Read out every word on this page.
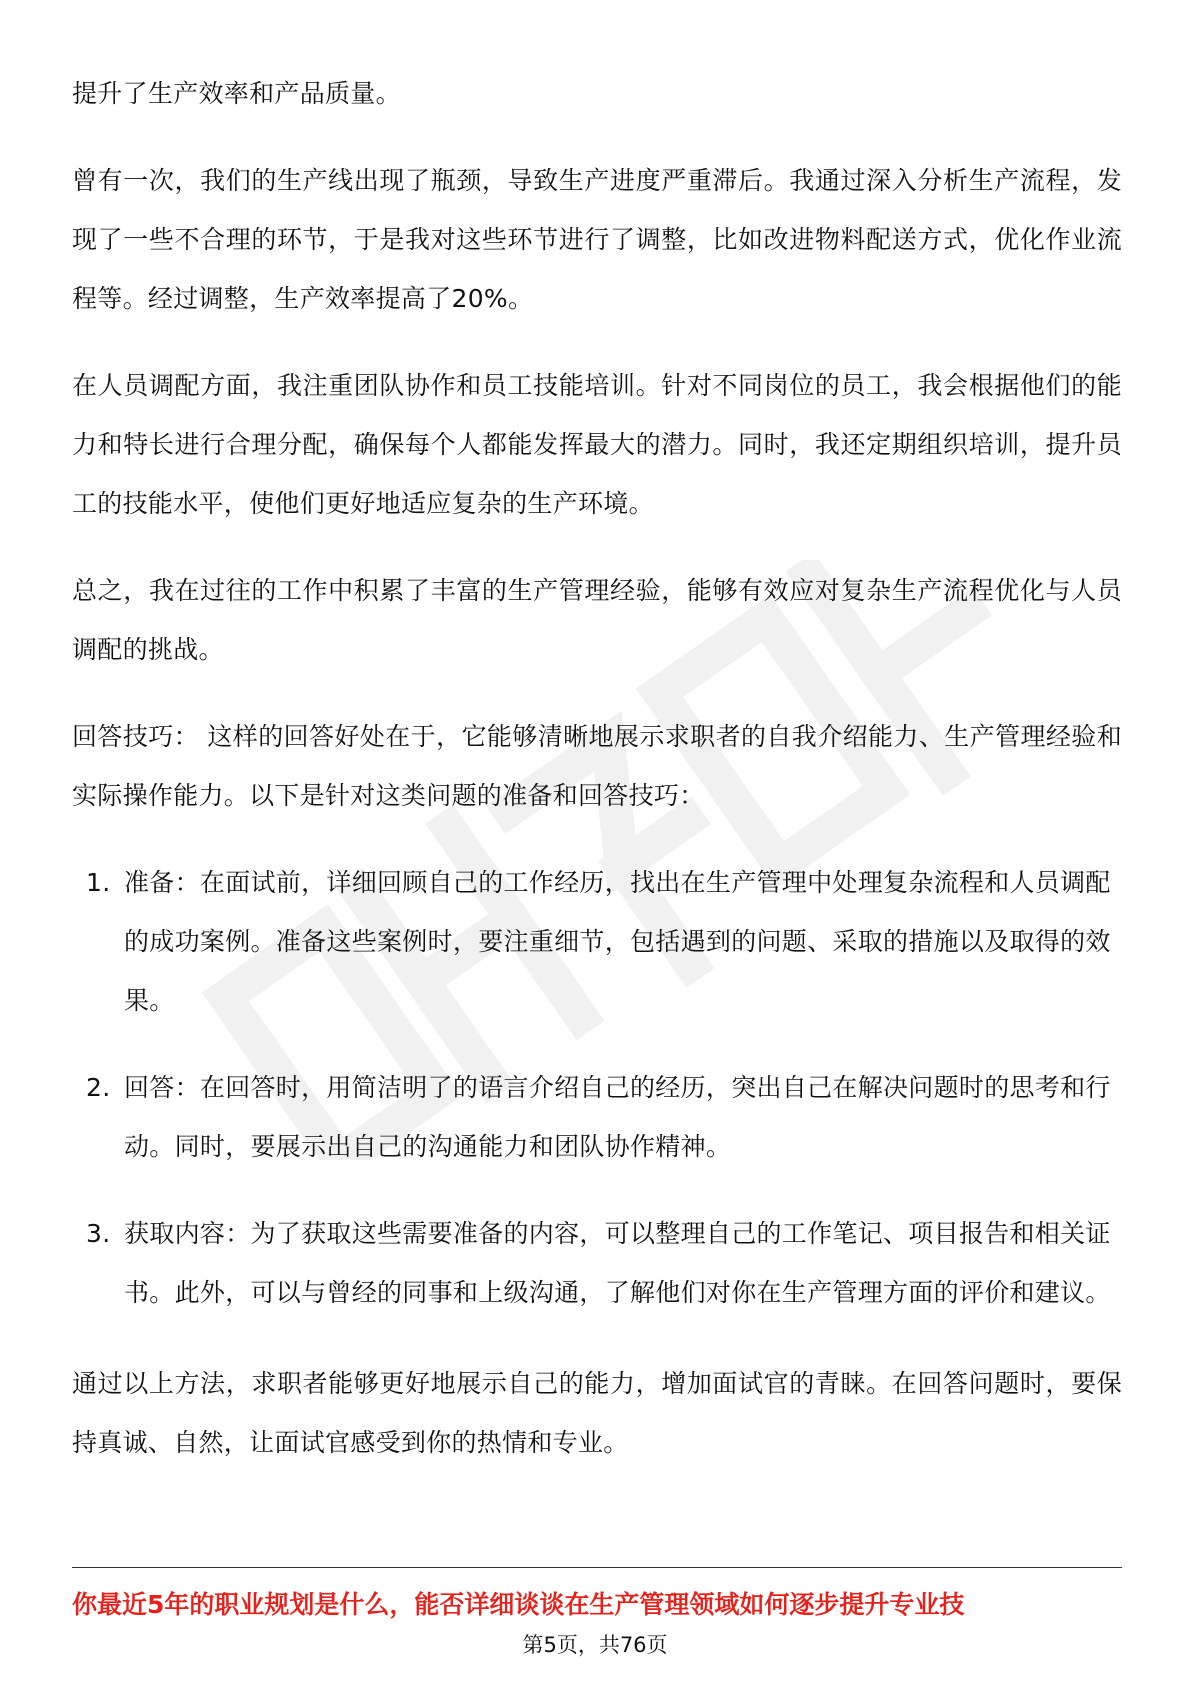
提升了生产效率和产品质量。

曾有一次，我们的生产线出现了瓶颈，导致生产进度严重滞后。我通过深入分析生产流程，发现了一些不合理的环节，于是我对这些环节进行了调整，比如改进物料配送方式，优化作业流程等。经过调整，生产效率提高了20%。

在人员调配方面，我注重团队协作和员工技能培训。针对不同岗位的员工，我会根据他们的能力和特长进行合理分配，确保每个人都能发挥最大的潜力。同时，我还定期组织培训，提升员工的技能水平，使他们更好地适应复杂的生产环境。

总之，我在过往的工作中积累了丰富的生产管理经验，能够有效应对复杂生产流程优化与人员调配的挑战。

回答技巧： 这样的回答好处在于，它能够清晰地展示求职者的自我介绍能力、生产管理经验和实际操作能力。以下是针对这类问题的准备和回答技巧：

1. 准备：在面试前，详细回顾自己的工作经历，找出在生产管理中处理复杂流程和人员调配的成功案例。准备这些案例时，要注重细节，包括遇到的问题、采取的措施以及取得的效果。
2. 回答：在回答时，用简洁明了的语言介绍自己的经历，突出自己在解决问题时的思考和行动。同时，要展示出自己的沟通能力和团队协作精神。
3. 获取内容：为了获取这些需要准备的内容，可以整理自己的工作笔记、项目报告和相关证书。此外，可以与曾经的同事和上级沟通，了解他们对你在生产管理方面的评价和建议。

通过以上方法，求职者能够更好地展示自己的能力，增加面试官的青睐。在回答问题时，要保持真诚、自然，让面试官感受到你的热情和专业。

你最近5年的职业规划是什么，能否详细谈谈在生产管理领域如何逐步提升专业技
第5页，共76页
